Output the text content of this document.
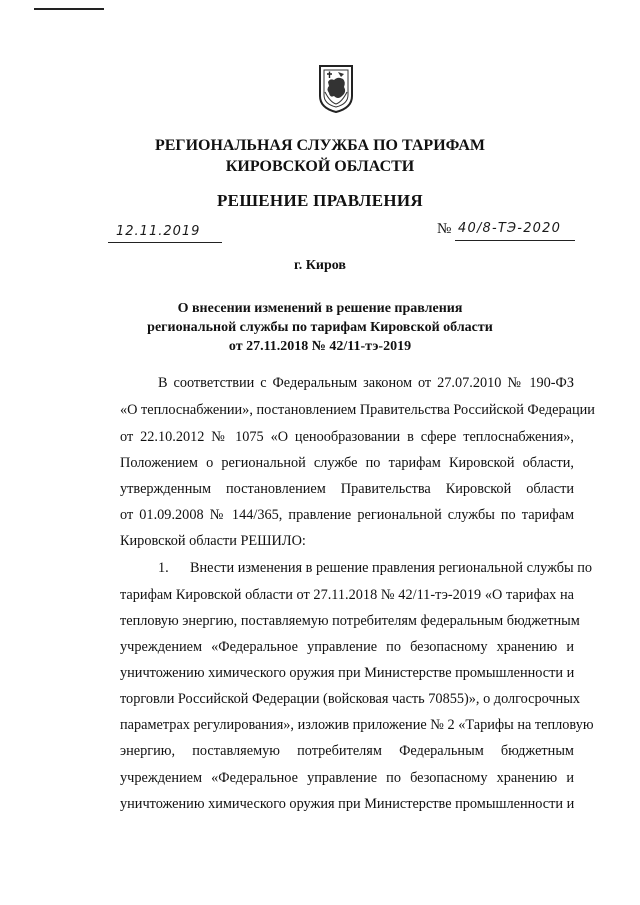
РЕГИОНАЛЬНАЯ СЛУЖБА ПО ТАРИФАМ
КИРОВСКОЙ ОБЛАСТИ
РЕШЕНИЕ ПРАВЛЕНИЯ
12.11.2019	№ 40/8-ТЭ-2020
г. Киров
О внесении изменений в решение правления
региональной службы по тарифам Кировской области
от 27.11.2018 № 42/11-тэ-2019
В соответствии с Федеральным законом от 27.07.2010 № 190-ФЗ
«О теплоснабжении», постановлением Правительства Российской Федерации
от 22.10.2012 № 1075 «О ценообразовании в сфере теплоснабжения»,
Положением о региональной службе по тарифам Кировской области,
утвержденным постановлением Правительства Кировской области
от 01.09.2008 № 144/365, правление региональной службы по тарифам
Кировской области РЕШИЛО:
1. Внести изменения в решение правления региональной службы по
тарифам Кировской области от 27.11.2018 № 42/11-тэ-2019 «О тарифах на
тепловую энергию, поставляемую потребителям федеральным бюджетным
учреждением «Федеральное управление по безопасному хранению и
уничтожению химического оружия при Министерстве промышленности и
торговли Российской Федерации (войсковая часть 70855)», о долгосрочных
параметрах регулирования», изложив приложение № 2 «Тарифы на тепловую
энергию, поставляемую потребителям Федеральным бюджетным
учреждением «Федеральное управление по безопасному хранению и
уничтожению химического оружия при Министерстве промышленности и
